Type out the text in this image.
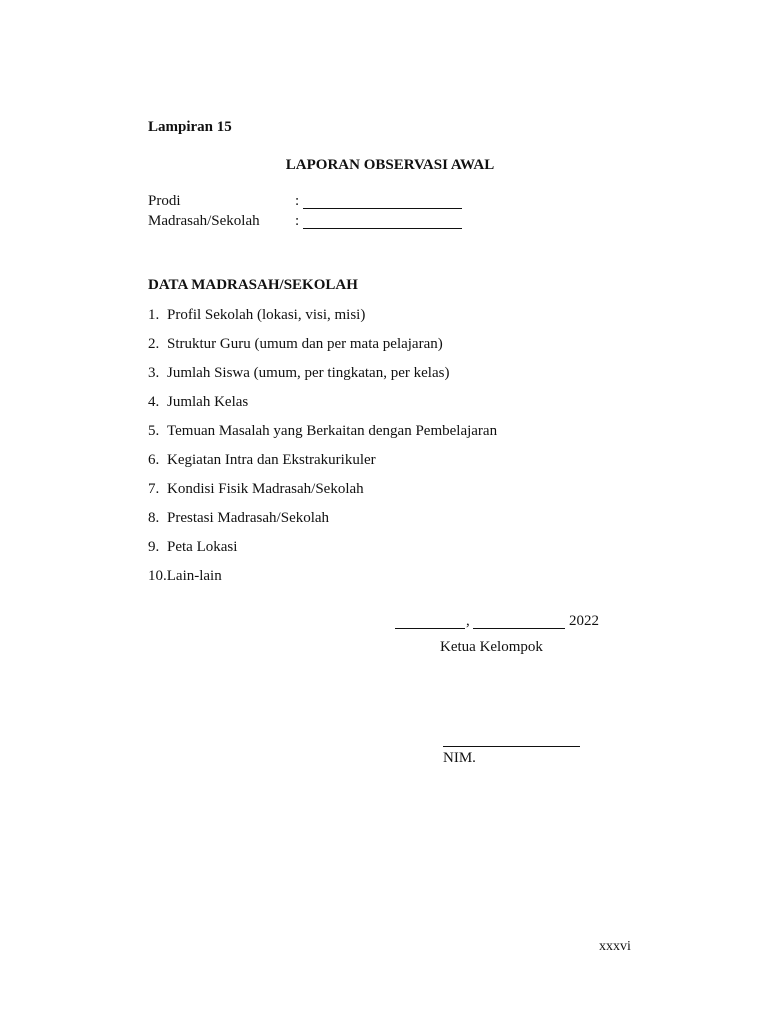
Lampiran 15
LAPORAN OBSERVASI AWAL
Prodi	:
Madrasah/Sekolah :
DATA MADRASAH/SEKOLAH
1. Profil Sekolah (lokasi, visi, misi)
2. Struktur Guru (umum dan per mata pelajaran)
3. Jumlah Siswa (umum, per tingkatan, per kelas)
4. Jumlah Kelas
5. Temuan Masalah yang Berkaitan dengan Pembelajaran
6. Kegiatan Intra dan Ekstrakurikuler
7. Kondisi Fisik Madrasah/Sekolah
8. Prestasi Madrasah/Sekolah
9. Peta Lokasi
10.Lain-lain
,	2022
Ketua Kelompok
NIM.
xxxvi
